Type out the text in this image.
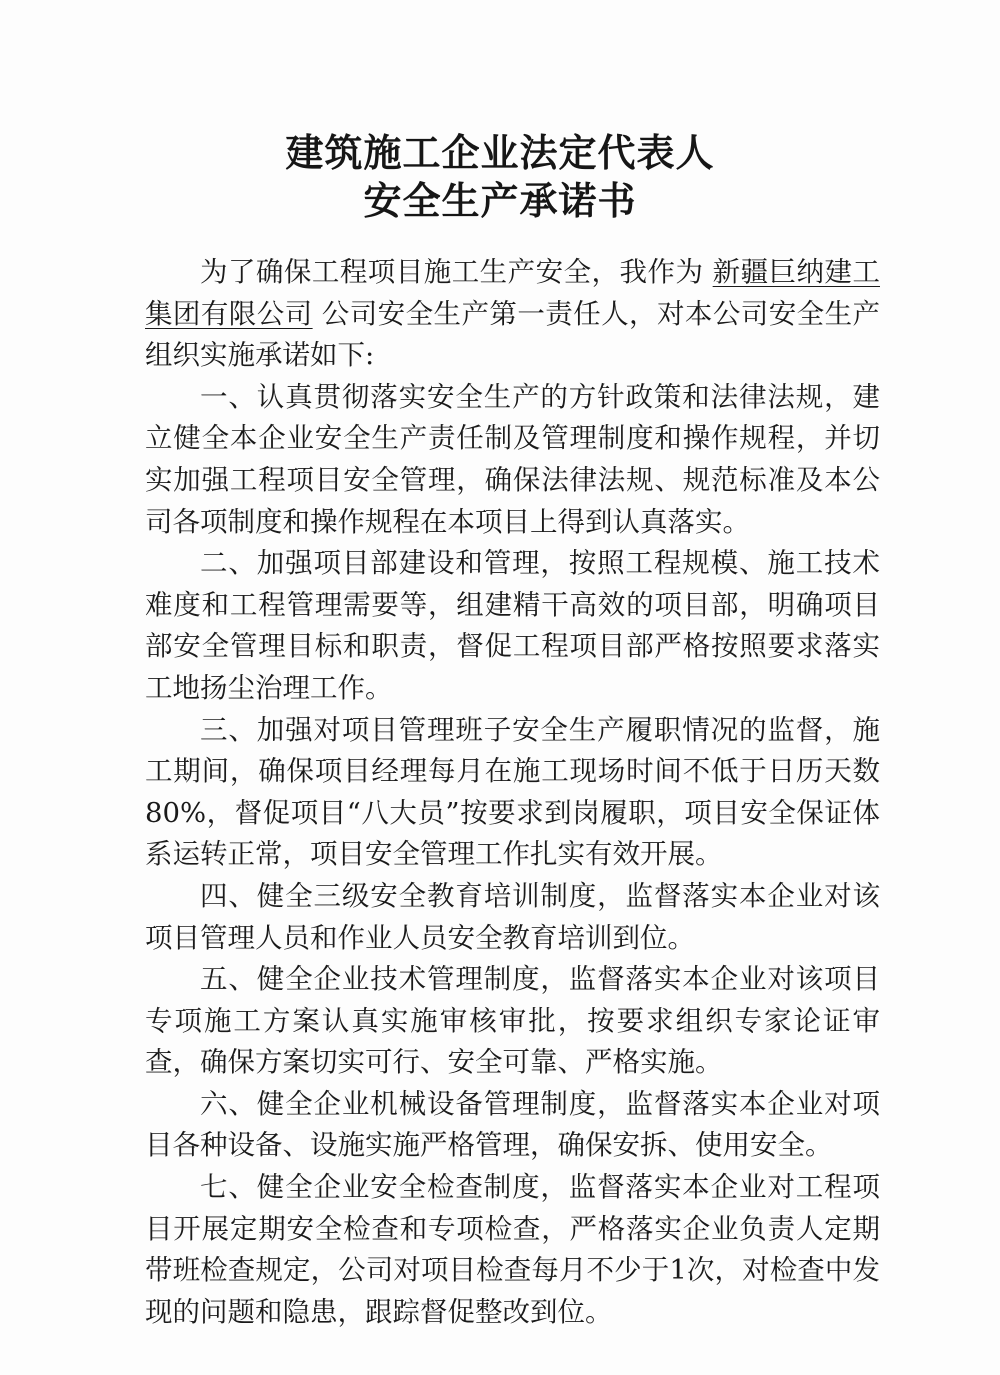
建筑施工企业法定代表人
安全生产承诺书

为了确保工程项目施工生产安全，我作为 新疆巨纳建工集团有限公司 公司安全生产第一责任人，对本公司安全生产组织实施承诺如下:

一、认真贯彻落实安全生产的方针政策和法律法规，建立健全本企业安全生产责任制及管理制度和操作规程，并切实加强工程项目安全管理，确保法律法规、规范标准及本公司各项制度和操作规程在本项目上得到认真落实。

二、加强项目部建设和管理，按照工程规模、施工技术难度和工程管理需要等，组建精干高效的项目部，明确项目部安全管理目标和职责，督促工程项目部严格按照要求落实工地扬尘治理工作。

三、加强对项目管理班子安全生产履职情况的监督，施工期间，确保项目经理每月在施工现场时间不低于日历天数80%，督促项目“八大员”按要求到岗履职，项目安全保证体系运转正常，项目安全管理工作扎实有效开展。

四、健全三级安全教育培训制度，监督落实本企业对该项目管理人员和作业人员安全教育培训到位。

五、健全企业技术管理制度，监督落实本企业对该项目专项施工方案认真实施审核审批，按要求组织专家论证审查，确保方案切实可行、安全可靠、严格实施。

六、健全企业机械设备管理制度，监督落实本企业对项目各种设备、设施实施严格管理，确保安拆、使用安全。

七、健全企业安全检查制度，监督落实本企业对工程项目开展定期安全检查和专项检查，严格落实企业负责人定期带班检查规定，公司对项目检查每月不少于1次，对检查中发现的问题和隐患，跟踪督促整改到位。
